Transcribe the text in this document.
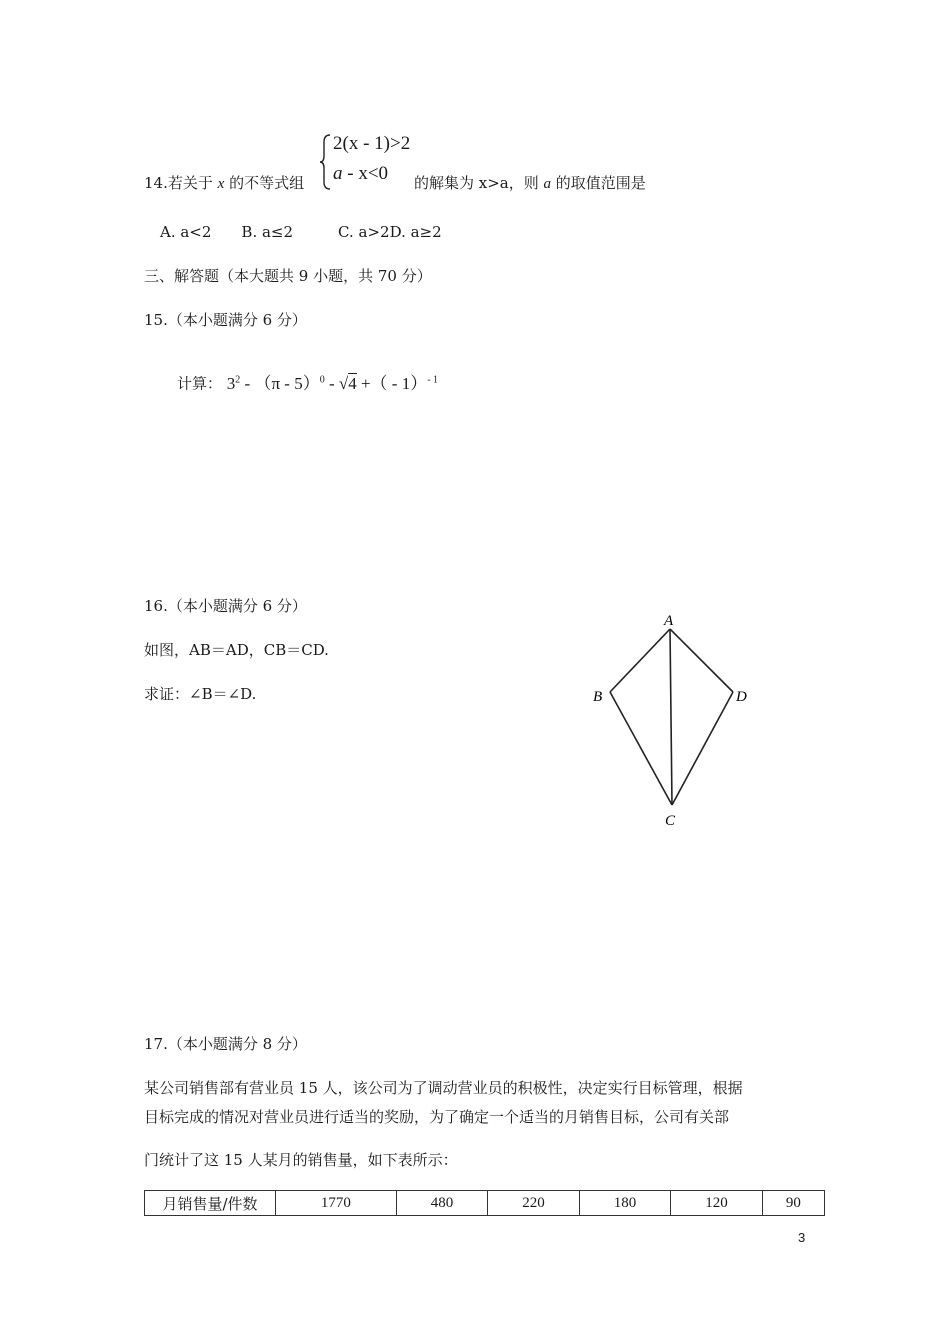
14.若关于 x 的不等式组
2(x - 1)>2
a - x<0 的解集为 x>a，则 a 的取值范围是
A. a<2　　B. a≤2　　　C. a>2D. a≥2
三、解答题（本大题共 9 小题，共 70 分）
15.（本小题满分 6 分）
计算： $3^2 - (\pi - 5)^0 - √4$ +（ - 1）$^{- 1}$
16.（本小题满分 6 分）
如图，AB＝AD，CB＝CD.
求证：∠B＝∠D.
A
B
C
D
17.（本小题满分 8 分）
某公司销售部有营业员 15 人，该公司为了调动营业员的积极性，决定实行目标管理，根据
目标完成的情况对营业员进行适当的奖励，为了确定一个适当的月销售目标，公司有关部
门统计了这 15 人某月的销售量，如下表所示：
月销售量/件数	1770	480	220	180	120	90
3
